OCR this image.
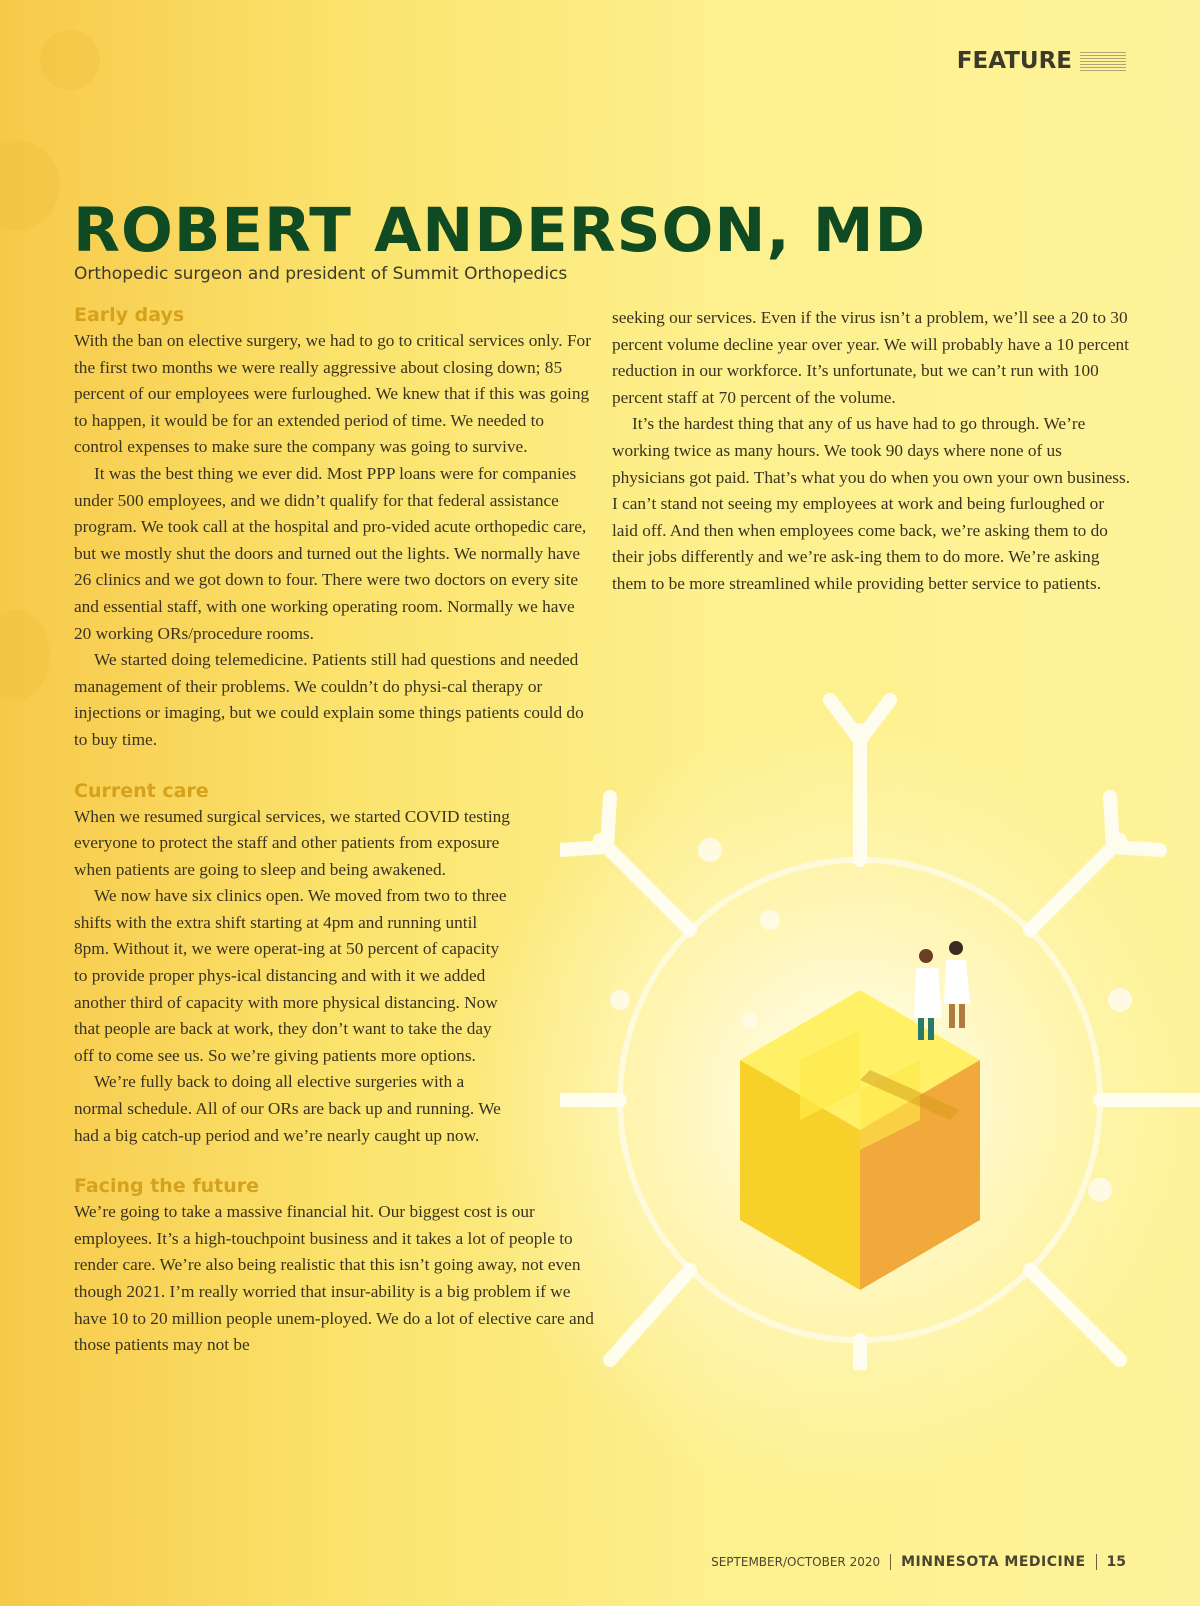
FEATURE
ROBERT ANDERSON, MD

Orthopedic surgeon and president of Summit Orthopedics

Early days

With the ban on elective surgery, we had to go to critical services only. For the first two months we were really aggressive about closing down; 85 percent of our employees were furloughed. We knew that if this was going to happen, it would be for an extended period of time. We needed to control expenses to make sure the company was going to survive.

It was the best thing we ever did. Most PPP loans were for companies under 500 employees, and we didn’t qualify for that federal assistance program. We took call at the hospital and pro-vided acute orthopedic care, but we mostly shut the doors and turned out the lights. We normally have 26 clinics and we got down to four. There were two doctors on every site and essential staff, with one working operating room. Normally we have 20 working ORs/procedure rooms.

We started doing telemedicine. Patients still had questions and needed management of their problems. We couldn’t do physi-cal therapy or injections or imaging, but we could explain some things patients could do to buy time.

Current care

When we resumed surgical services, we started COVID testing everyone to protect the staff and other patients from exposure when patients are going to sleep and being awakened.

We now have six clinics open. We moved from two to three shifts with the extra shift starting at 4pm and running until 8pm. Without it, we were operat-ing at 50 percent of capacity to provide proper phys-ical distancing and with it we added another third of capacity with more physical distancing. Now that people are back at work, they don’t want to take the day off to come see us. So we’re giving patients more options.

We’re fully back to doing all elective surgeries with a normal schedule. All of our ORs are back up and running. We had a big catch-up period and we’re nearly caught up now.

Facing the future

We’re going to take a massive financial hit. Our biggest cost is our employees. It’s a high-touchpoint business and it takes a lot of people to render care. We’re also being realistic that this isn’t going away, not even though 2021. I’m really worried that insur-ability is a big problem if we have 10 to 20 million people unem-ployed. We do a lot of elective care and those patients may not be

seeking our services. Even if the virus isn’t a problem, we’ll see a 20 to 30 percent volume decline year over year. We will probably have a 10 percent reduction in our workforce. It’s unfortunate, but we can’t run with 100 percent staff at 70 percent of the volume.

It’s the hardest thing that any of us have had to go through. We’re working twice as many hours. We took 90 days where none of us physicians got paid. That’s what you do when you own your own business. I can’t stand not seeing my employees at work and being furloughed or laid off. And then when employees come back, we’re asking them to do their jobs differently and we’re ask-ing them to do more. We’re asking them to be more streamlined while providing better service to patients.

SEPTEMBER/OCTOBER 2020 MINNESOTA MEDICINE 15
